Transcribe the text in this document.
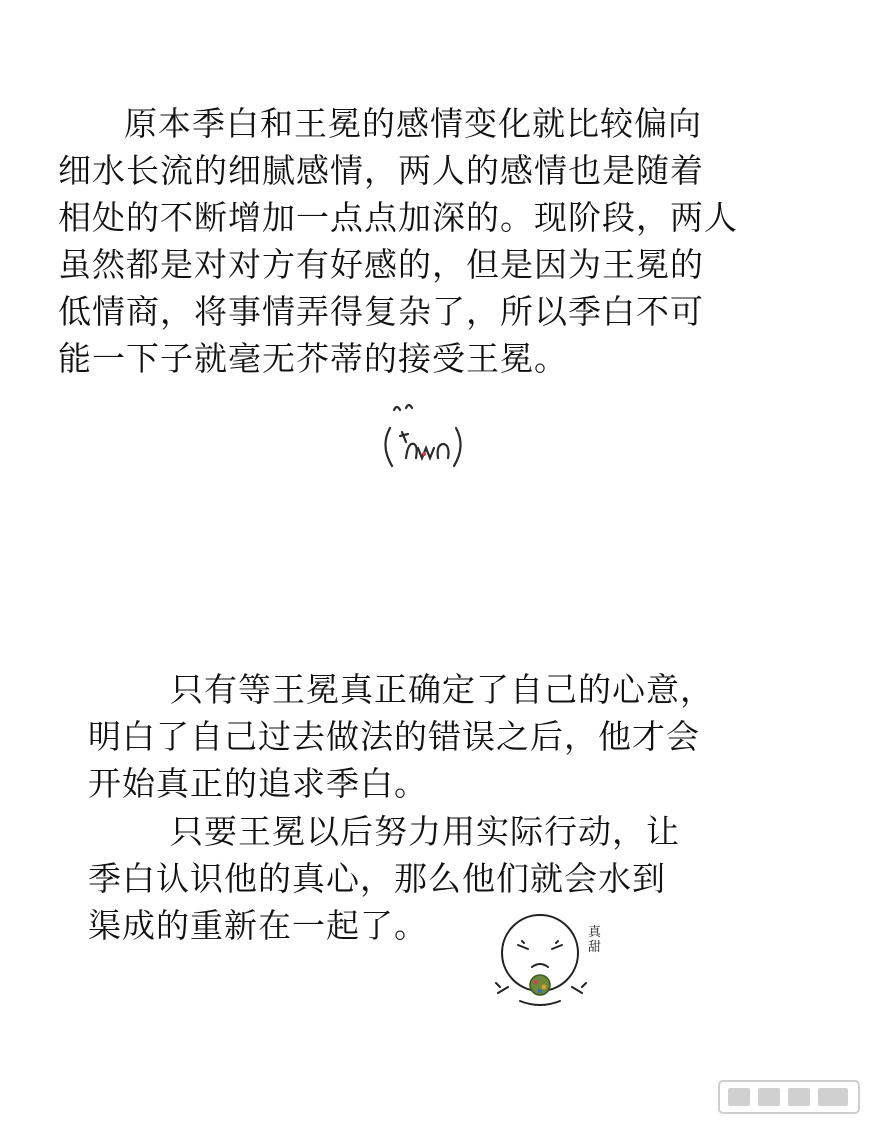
原本季白和王冕的感情变化就比较偏向
细水长流的细腻感情，两人的感情也是随着
相处的不断增加一点点加深的。现阶段，两人
虽然都是对对方有好感的，但是因为王冕的
低情商，将事情弄得复杂了，所以季白不可
能一下子就毫无芥蒂的接受王冕。

只有等王冕真正确定了自己的心意，
明白了自己过去做法的错误之后，他才会
开始真正的追求季白。

只要王冕以后努力用实际行动，让
季白认识他的真心，那么他们就会水到
渠成的重新在一起了。	真甜
